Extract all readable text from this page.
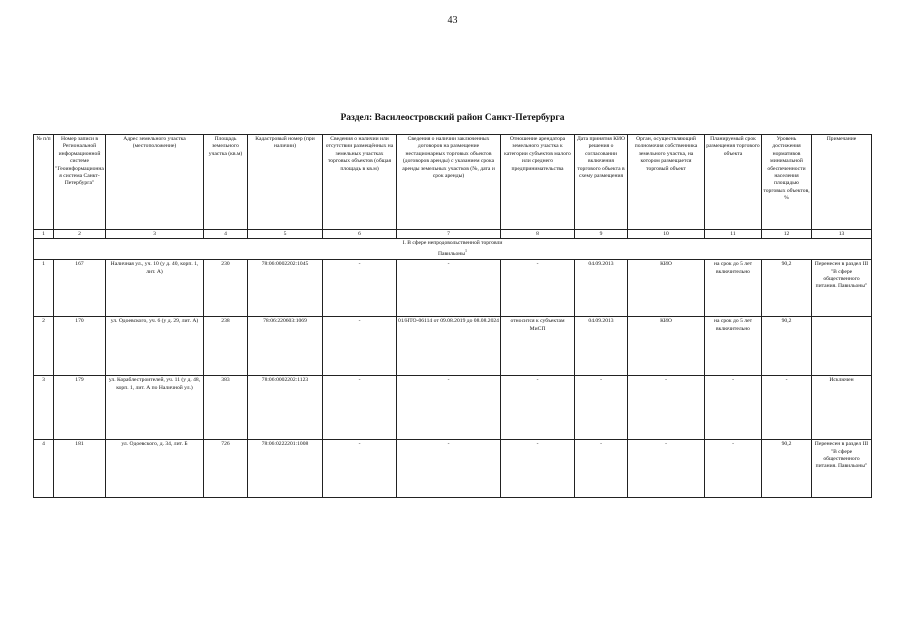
43
Раздел: Василеостровский район Санкт-Петербурга
№ п/п	Номер записи в Региональной информационной системе "Геоинформационная система Санкт-Петербурга"	Адрес земельного участка (местоположение)	Площадь земельного участка (кв.м)	Кадастровый номер (при наличии)	Сведения о наличии или отсутствии размещённых на земельных участках торговых объектов (общая площадь в кв.м)	Сведения о наличии заключенных договоров на размещение нестационарных торговых объектов (договоров аренды) с указанием срока аренды земельных участков (№, дата и срок аренды)	Отношение арендатора земельного участка к категории субъектов малого или среднего предпринимательства	Дата принятия КИО решения о согласовании включения торгового объекта в схему размещения	Орган, осуществляющий полномочия собственника земельного участка, на котором размещается торговый объект	Планируемый срок размещения торгового объекта	Уровень достижения нормативов минимальной обеспеченности населения площадью торговых объектов, %	Примечание
1	2	3	4	5	6	7	8	9	10	11	12	13
I. В сфере непродовольственной торговли												
Павильоны$^1$
1	167	Наличная ул., уч. 10 (у д. 40, корп. 1, лит. А)	230	78:06:0002202:1045	-	-	-	04.09.2013	КИО	на срок до 5 лет включительно	90,2	Перенесен в раздел III "В сфере общественного питания. Павильоны"
2	170	ул. Одоевского, уч. 6 (у д. 29, лит. А)	238	78:06:220603:1069	-	01/НТО-06114 от 09.08.2019 до 08.08.2024	относится к субъектам МиСП	04.09.2013	КИО	на срок до 5 лет включительно	90,2	
3	179	ул. Кораблестроителей, уч. 11 (у д. 48, корп. 1, лит. А по Наличной ул.)	383	78:06:0002202:1123	-	-	-	-	-	-	-	Исключен
4	181	ул. Одоевского, д. 34, лит. Б	726	78:06:0222201:1008	-	-	-	-	-	-	90,2	Перенесен в раздел III "В сфере общественного питания. Павильоны"
